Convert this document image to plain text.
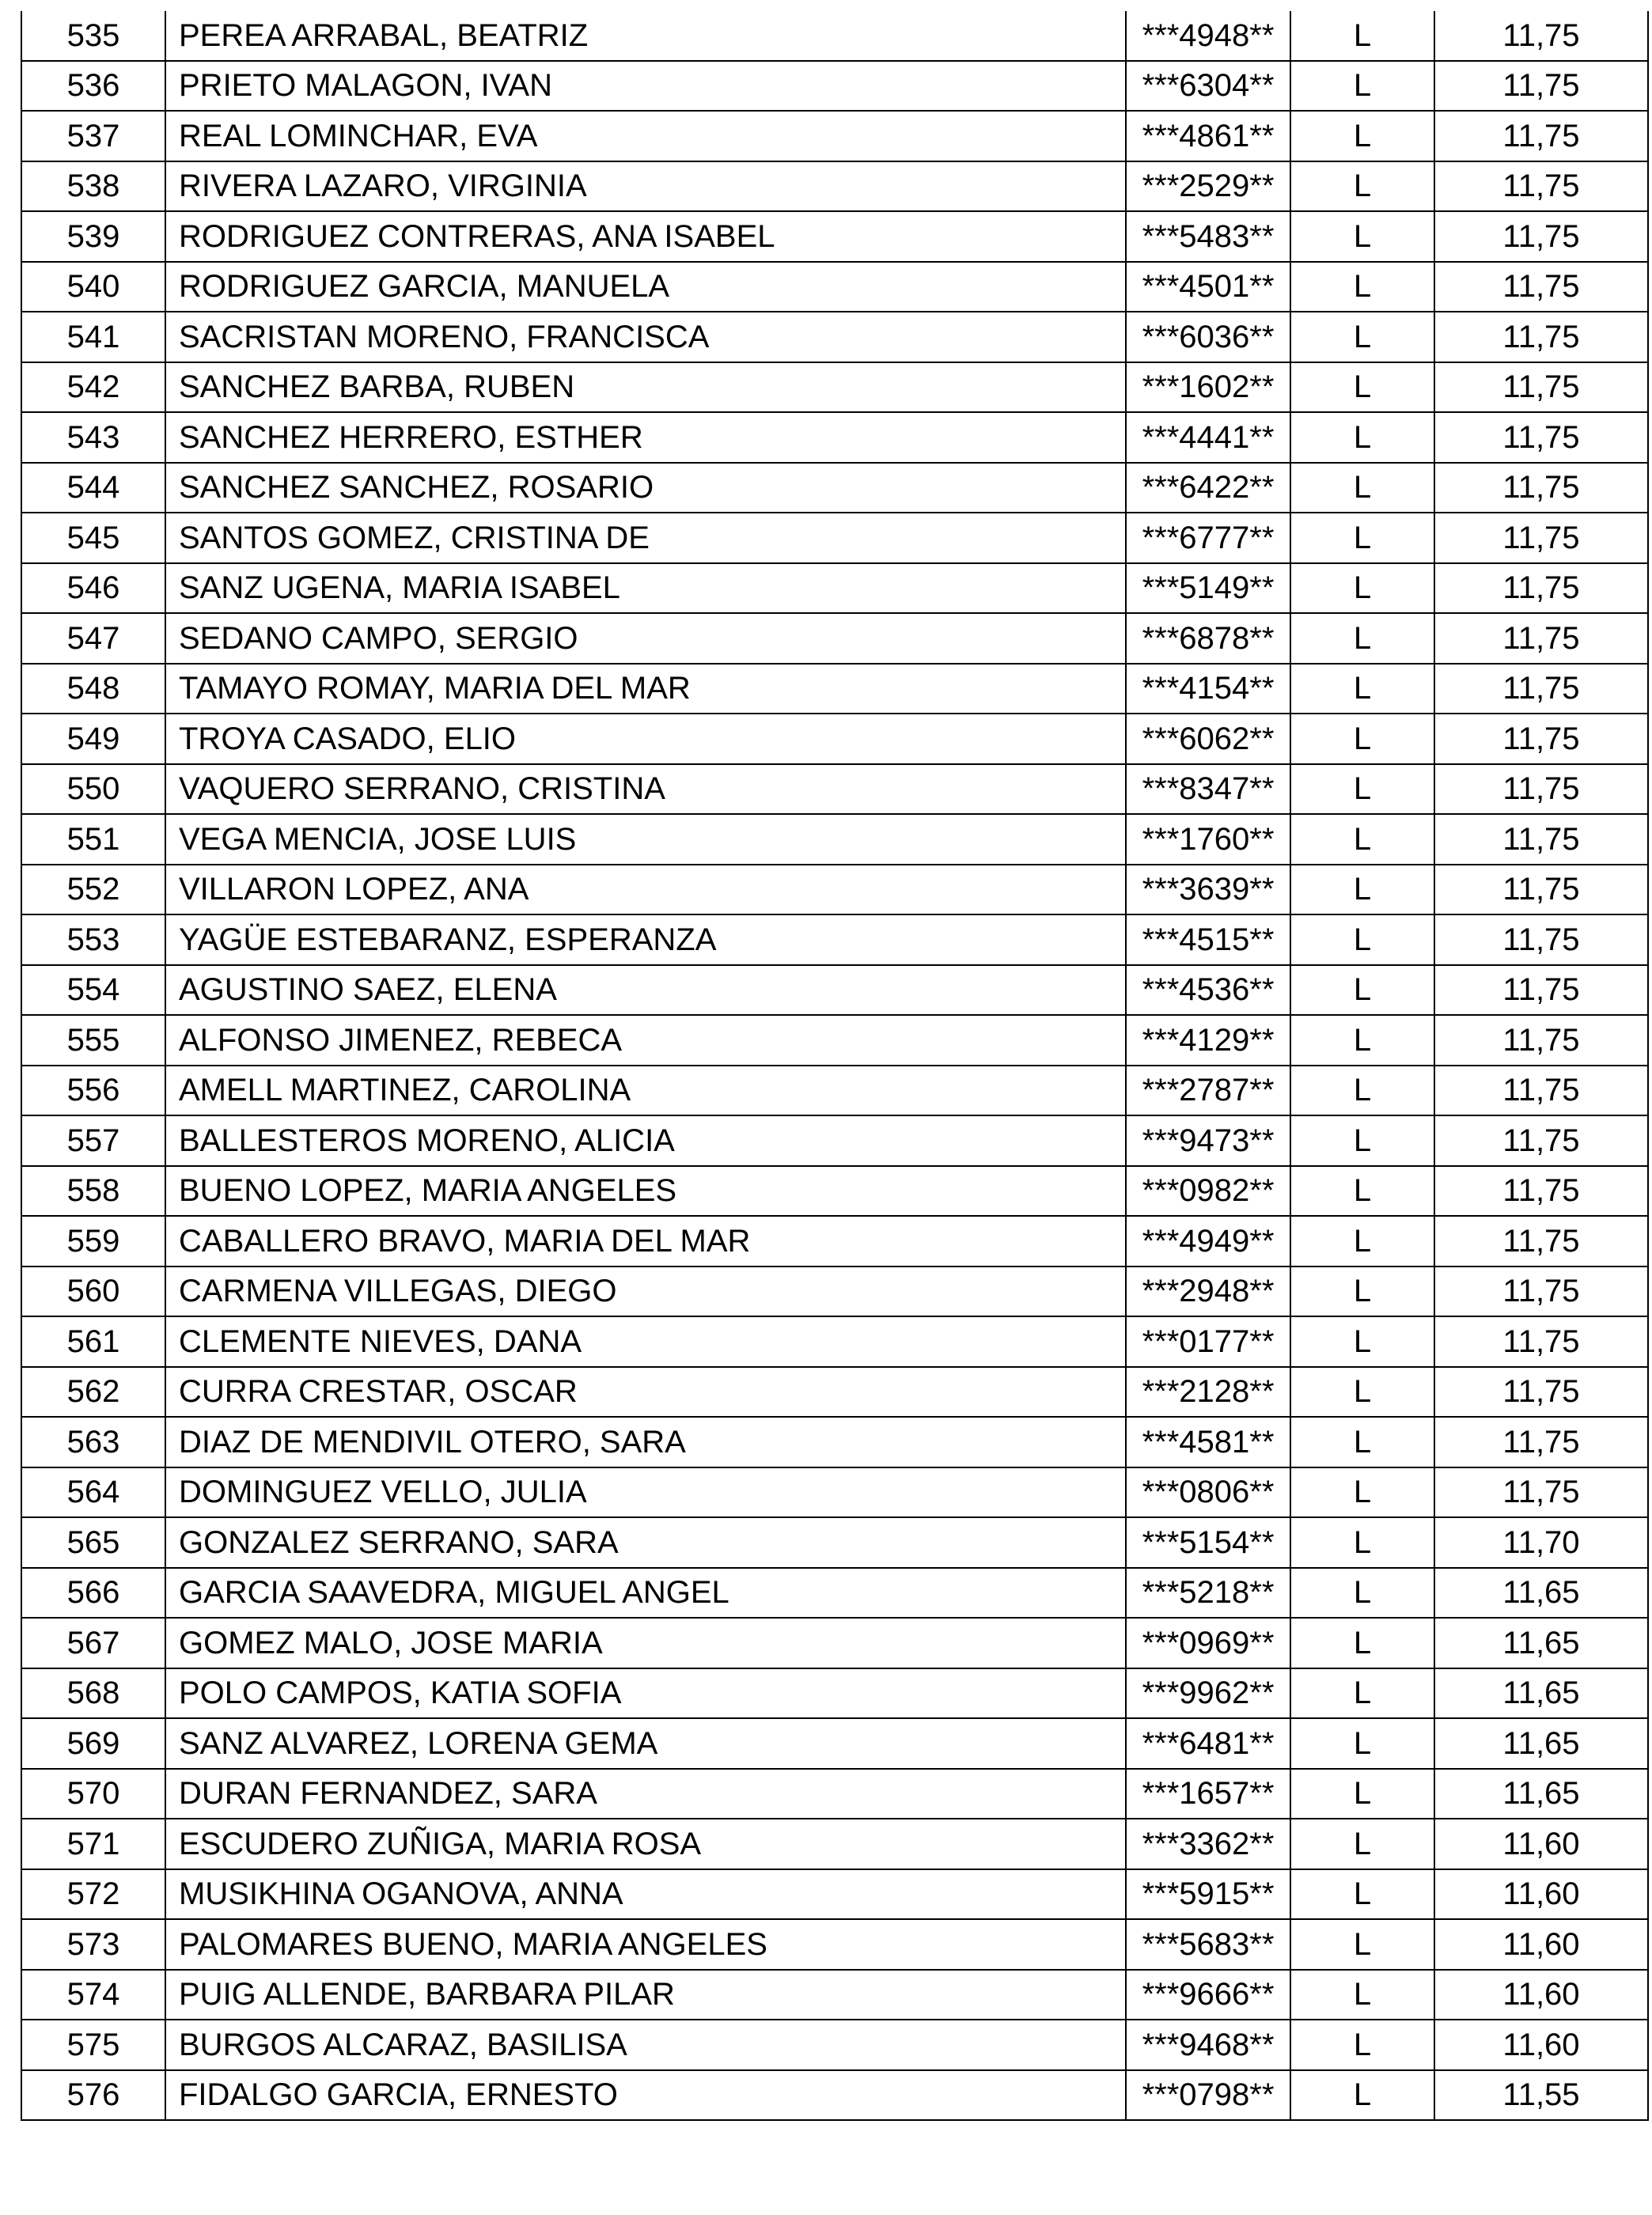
535	PEREA ARRABAL, BEATRIZ	***4948**	L	11,75
536	PRIETO MALAGON, IVAN	***6304**	L	11,75
537	REAL LOMINCHAR, EVA	***4861**	L	11,75
538	RIVERA LAZARO, VIRGINIA	***2529**	L	11,75
539	RODRIGUEZ CONTRERAS, ANA ISABEL	***5483**	L	11,75
540	RODRIGUEZ GARCIA, MANUELA	***4501**	L	11,75
541	SACRISTAN MORENO, FRANCISCA	***6036**	L	11,75
542	SANCHEZ BARBA, RUBEN	***1602**	L	11,75
543	SANCHEZ HERRERO, ESTHER	***4441**	L	11,75
544	SANCHEZ SANCHEZ, ROSARIO	***6422**	L	11,75
545	SANTOS GOMEZ, CRISTINA DE	***6777**	L	11,75
546	SANZ UGENA, MARIA ISABEL	***5149**	L	11,75
547	SEDANO CAMPO, SERGIO	***6878**	L	11,75
548	TAMAYO ROMAY, MARIA DEL MAR	***4154**	L	11,75
549	TROYA CASADO, ELIO	***6062**	L	11,75
550	VAQUERO SERRANO, CRISTINA	***8347**	L	11,75
551	VEGA MENCIA, JOSE LUIS	***1760**	L	11,75
552	VILLARON LOPEZ, ANA	***3639**	L	11,75
553	YAGÜE ESTEBARANZ, ESPERANZA	***4515**	L	11,75
554	AGUSTINO SAEZ, ELENA	***4536**	L	11,75
555	ALFONSO JIMENEZ, REBECA	***4129**	L	11,75
556	AMELL MARTINEZ, CAROLINA	***2787**	L	11,75
557	BALLESTEROS MORENO, ALICIA	***9473**	L	11,75
558	BUENO LOPEZ, MARIA ANGELES	***0982**	L	11,75
559	CABALLERO BRAVO, MARIA DEL MAR	***4949**	L	11,75
560	CARMENA VILLEGAS, DIEGO	***2948**	L	11,75
561	CLEMENTE NIEVES, DANA	***0177**	L	11,75
562	CURRA CRESTAR, OSCAR	***2128**	L	11,75
563	DIAZ DE MENDIVIL OTERO, SARA	***4581**	L	11,75
564	DOMINGUEZ VELLO, JULIA	***0806**	L	11,75
565	GONZALEZ SERRANO, SARA	***5154**	L	11,70
566	GARCIA SAAVEDRA, MIGUEL ANGEL	***5218**	L	11,65
567	GOMEZ MALO, JOSE MARIA	***0969**	L	11,65
568	POLO CAMPOS, KATIA SOFIA	***9962**	L	11,65
569	SANZ ALVAREZ, LORENA GEMA	***6481**	L	11,65
570	DURAN FERNANDEZ, SARA	***1657**	L	11,65
571	ESCUDERO ZUÑIGA, MARIA ROSA	***3362**	L	11,60
572	MUSIKHINA OGANOVA, ANNA	***5915**	L	11,60
573	PALOMARES BUENO, MARIA ANGELES	***5683**	L	11,60
574	PUIG ALLENDE, BARBARA PILAR	***9666**	L	11,60
575	BURGOS ALCARAZ, BASILISA	***9468**	L	11,60
576	FIDALGO GARCIA, ERNESTO	***0798**	L	11,55
